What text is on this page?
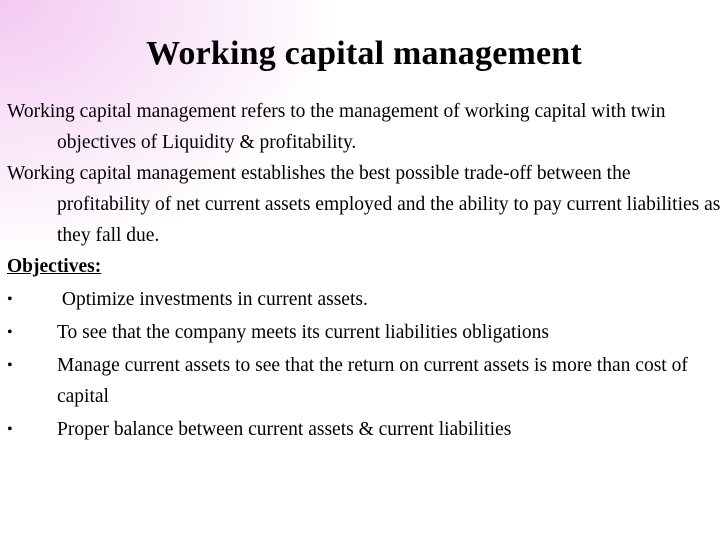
Working capital management

Working capital management refers to the management of working capital with twin objectives of Liquidity & profitability.

Working capital management establishes the best possible trade-off between the profitability of net current assets employed and the ability to pay current liabilities as they fall due.

Objectives:

• Optimize investments in current assets.
• To see that the company meets its current liabilities obligations
• Manage current assets to see that the return on current assets is more than cost of capital
• Proper balance between current assets & current liabilities
